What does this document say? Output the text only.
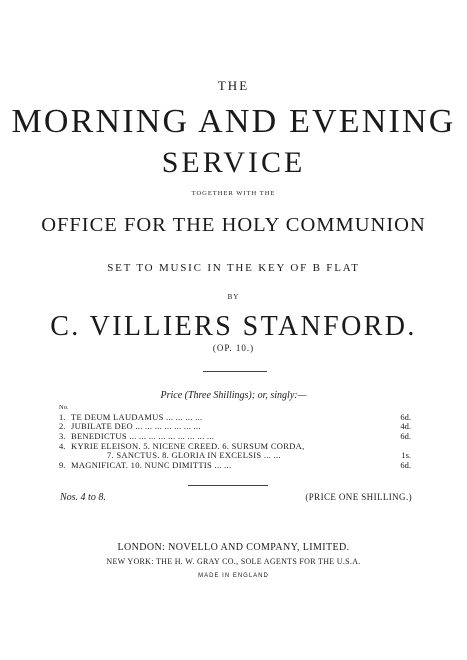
THE
MORNING AND EVENING
SERVICE
TOGETHER WITH THE
OFFICE FOR THE HOLY COMMUNION
SET TO MUSIC IN THE KEY OF B FLAT
BY
C. VILLIERS STANFORD.
(OP. 10.)
Price (Three Shillings); or, singly:—
No.
1. TE DEUM LAUDAMUS ... ... ... ...	6d.
2. JUBILATE DEO ... ... ... ... ... ... ...	4d.
3. BENEDICTUS ... ... ... ... ... ... ... ... ...	6d.
4. KYRIE ELEISON. 5. NICENE CREED. 6. SURSUM CORDA,
7. SANCTUS. 8. GLORIA IN EXCELSIS ... ...	1s.
9. MAGNIFICAT. 10. NUNC DIMITTIS ... ...	6d.
Nos. 4 to 8.	(PRICE ONE SHILLING.)
LONDON: NOVELLO AND COMPANY, LIMITED.
NEW YORK: THE H. W. GRAY CO., SOLE AGENTS FOR THE U.S.A.
MADE IN ENGLAND
